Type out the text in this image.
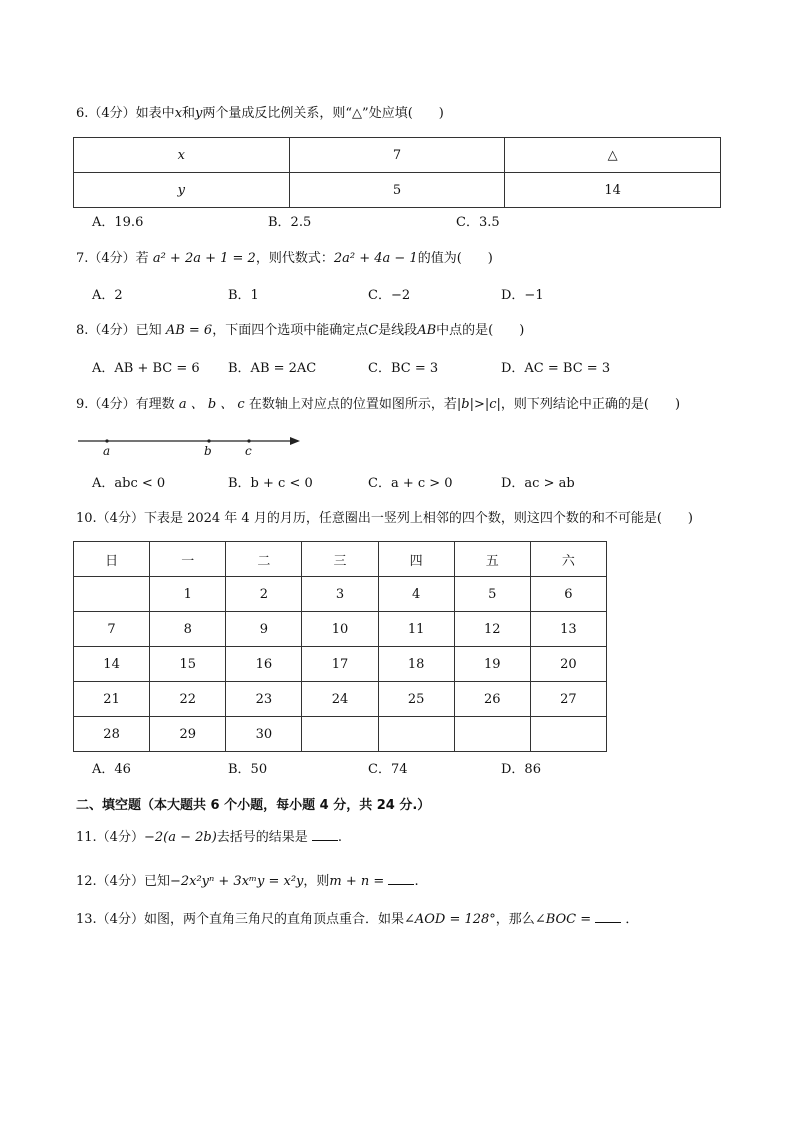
6.（4分）如表中x和y两个量成反比例关系，则“△”处应填(　　)
x	7	△
y	5	14
A．19.6	B．2.5	C．3.5
7.（4分）若 a² + 2a + 1 = 2，则代数式：2a² + 4a − 1的值为(　　)
A．2	B．1	C．−2	D．−1
8.（4分）已知 AB = 6，下面四个选项中能确定点C是线段AB中点的是(　　)
A．AB + BC = 6 B．AB = 2AC	C．BC = 3	D．AC = BC = 3
9.（4分）有理数 a 、 b 、 c 在数轴上对应点的位置如图所示，若|b|>|c|，则下列结论中正确的是(　　)
a	b	c
A．abc < 0	B．b + c < 0	C．a + c > 0	D．ac > ab
10.（4分）下表是 2024 年 4 月的月历，任意圈出一竖列上相邻的四个数，则这四个数的和不可能是(　　)
日	一	二	三	四	五	六
	1	2	3	4	5	6
7	8	9	10	11	12	13
14	15	16	17	18	19	20
21	22	23	24	25	26	27
28	29	30				
A．46	B．50	C．74	D．86
二、填空题（本大题共 6 个小题，每小题 4 分，共 24 分.）
11.（4分）−2(a − 2b)去括号的结果是 .
12.（4分）已知−2x²yⁿ + 3xᵐy = x²y，则m + n = .
13.（4分）如图，两个直角三角尺的直角顶点重合．如果∠AOD = 128°，那么∠BOC =	．
